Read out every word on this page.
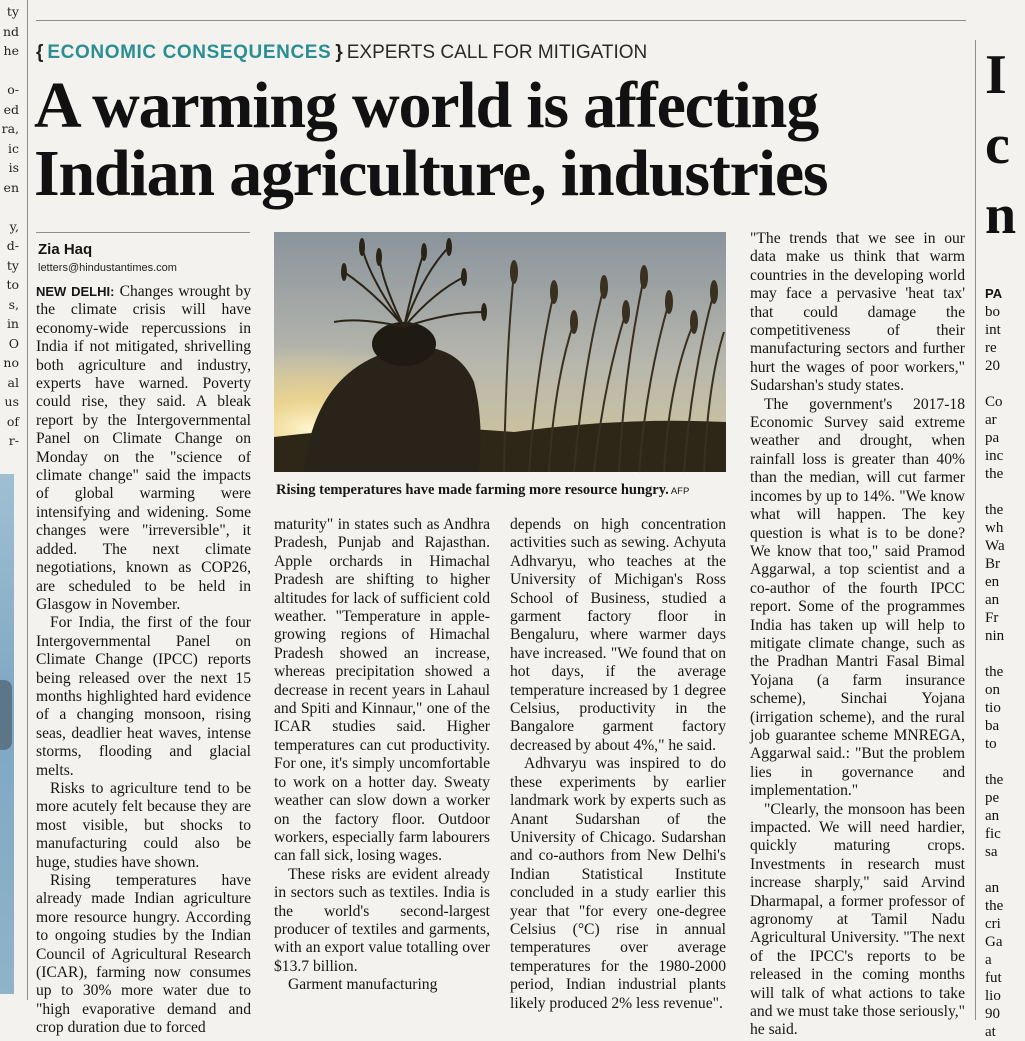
ty
nd
he
o-
ed
ra,
ic
is
en
y,
d-
ty
to
s,
in
O
no
al
us
of
r-
{ ECONOMIC CONSEQUENCES } EXPERTS CALL FOR MITIGATION
A warming world is affecting
Indian agriculture, industries
I
c
n
PA
bo
int
re
20

Co
ar
pa
inc
the

the
wh
Wa
Br
en
an
Fr
nin

the
on
tio
ba
to

the
pe
an
fic
sa

an
the
cri
Ga
a
fut
lio
90
at
Zia Haq
letters@hindustantimes.com

NEW DELHI: Changes wrought by the climate crisis will have economy-wide repercussions in India if not mitigated, shrivelling both agriculture and industry, experts have warned. Poverty could rise, they said. A bleak report by the Intergovernmental Panel on Climate Change on Monday on the "science of climate change" said the impacts of global warming were intensifying and widening. Some changes were "irreversible", it added. The next climate negotiations, known as COP26, are scheduled to be held in Glasgow in November.

For India, the first of the four Intergovernmental Panel on Climate Change (IPCC) reports being released over the next 15 months highlighted hard evidence of a changing monsoon, rising seas, deadlier heat waves, intense storms, flooding and glacial melts.

Risks to agriculture tend to be more acutely felt because they are most visible, but shocks to manufacturing could also be huge, studies have shown.

Rising temperatures have already made Indian agriculture more resource hungry. According to ongoing studies by the Indian Council of Agricultural Research (ICAR), farming now consumes up to 30% more water due to "high evaporative demand and crop duration due to forced

Rising temperatures have made farming more resource hungry. AFP

maturity" in states such as Andhra Pradesh, Punjab and Rajasthan. Apple orchards in Himachal Pradesh are shifting to higher altitudes for lack of sufficient cold weather. "Temperature in apple-growing regions of Himachal Pradesh showed an increase, whereas precipitation showed a decrease in recent years in Lahaul and Spiti and Kinnaur," one of the ICAR studies said. Higher temperatures can cut productivity. For one, it's simply uncomfortable to work on a hotter day. Sweaty weather can slow down a worker on the factory floor. Outdoor workers, especially farm labourers can fall sick, losing wages.

These risks are evident already in sectors such as textiles. India is the world's second-largest producer of textiles and garments, with an export value totalling over $13.7 billion.

Garment manufacturing

depends on high concentration activities such as sewing. Achyuta Adhvaryu, who teaches at the University of Michigan's Ross School of Business, studied a garment factory floor in Bengaluru, where warmer days have increased. "We found that on hot days, if the average temperature increased by 1 degree Celsius, productivity in the Bangalore garment factory decreased by about 4%," he said.

Adhvaryu was inspired to do these experiments by earlier landmark work by experts such as Anant Sudarshan of the University of Chicago. Sudarshan and co-authors from New Delhi's Indian Statistical Institute concluded in a study earlier this year that "for every one-degree Celsius (°C) rise in annual temperatures over average temperatures for the 1980-2000 period, Indian industrial plants likely produced 2% less revenue".

"The trends that we see in our data make us think that warm countries in the developing world may face a pervasive 'heat tax' that could damage the competitiveness of their manufacturing sectors and further hurt the wages of poor workers," Sudarshan's study states.

The government's 2017-18 Economic Survey said extreme weather and drought, when rainfall loss is greater than 40% than the median, will cut farmer incomes by up to 14%. "We know what will happen. The key question is what is to be done? We know that too," said Pramod Aggarwal, a top scientist and a co-author of the fourth IPCC report. Some of the programmes India has taken up will help to mitigate climate change, such as the Pradhan Mantri Fasal Bimal Yojana (a farm insurance scheme), Sinchai Yojana (irrigation scheme), and the rural job guarantee scheme MNREGA, Aggarwal said.: "But the problem lies in governance and implementation."

"Clearly, the monsoon has been impacted. We will need hardier, quickly maturing crops. Investments in research must increase sharply," said Arvind Dharmapal, a former professor of agronomy at Tamil Nadu Agricultural University. "The next of the IPCC's reports to be released in the coming months will talk of what actions to take and we must take those seriously," he said.
